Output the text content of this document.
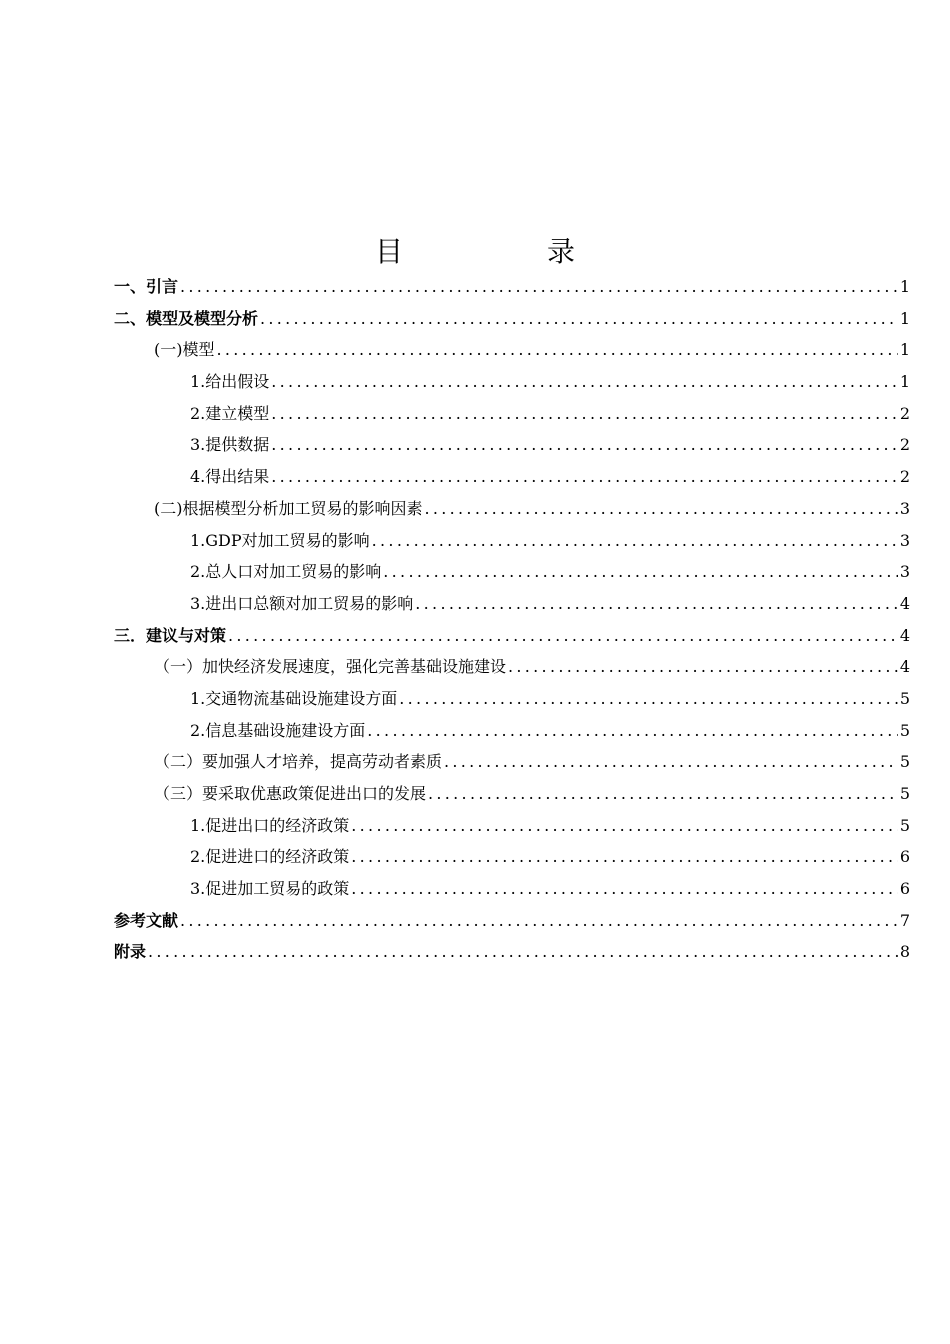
目　录
一、引言 .....	1
二、模型及模型分析 .....	1
(一)模型 .....	1
1.给出假设 .....	1
2.建立模型 .....	2
3.提供数据 .....	2
4.得出结果 .....	2
(二)根据模型分析加工贸易的影响因素 .....	3
1.GDP对加工贸易的影响 .....	3
2.总人口对加工贸易的影响 .....	3
3.进出口总额对加工贸易的影响 .....	4
三．建议与对策 .....	4
（一）加快经济发展速度，强化完善基础设施建设 .....	4
1.交通物流基础设施建设方面 .....	5
2.信息基础设施建设方面 .....	5
（二）要加强人才培养，提高劳动者素质 .....	5
（三）要采取优惠政策促进出口的发展 .....	5
1.促进出口的经济政策 .....	5
2.促进进口的经济政策 .....	6
3.促进加工贸易的政策 .....	6
参考文献 .....	7
附录 .....	8
